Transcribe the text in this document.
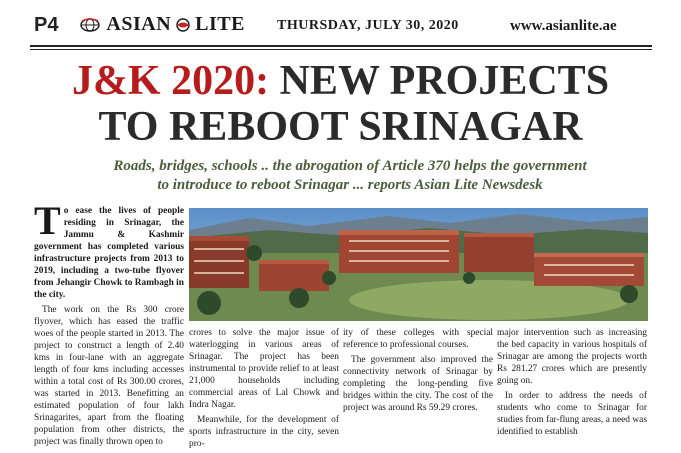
P4	ASIAN LITE THURSDAY, JULY 30, 2020	www.asianlite.ae
J&K 2020: NEW PROJECTS
TO REBOOT SRINAGAR
Roads, bridges, schools .. the abrogation of Article 370 helps the government
to introduce to reboot Srinagar ... reports Asian Lite Newsdesk

To ease the lives of people residing in Srinagar, the Jammu & Kashmir government has completed various infrastructure projects from 2013 to 2019, including a two-tube flyover from Jehangir Chowk to Rambagh in the city.

The work on the Rs 300 crore flyover, which has eased the traffic woes of the people started in 2013. The project to construct a length of 2.40 kms in four-lane with an aggregate length of four kms including accesses within a total cost of Rs 300.00 crores, was started in 2013. Benefitting an estimated population of four lakh Srinagarites, apart from the floating population from other districts, the project was finally thrown open to

crores to solve the major issue of waterlogging in various areas of Srinagar. The project has been instrumental to provide relief to at least 21,000 households including commercial areas of Lal Chowk and Indra Nagar.

Meanwhile, for the development of sports infrastructure in the city, seven pro-

ity of these colleges with special reference to professional courses.

The government also improved the connectivity network of Srinagar by completing the long-pending five bridges within the city. The cost of the project was around Rs 59.29 crores.

major intervention such as increasing the bed capacity in various hospitals of Srinagar are among the projects worth Rs 281.27 crores which are presently going on.

In order to address the needs of students who come to Srinagar for studies from far-flung areas, a need was identified to establish
